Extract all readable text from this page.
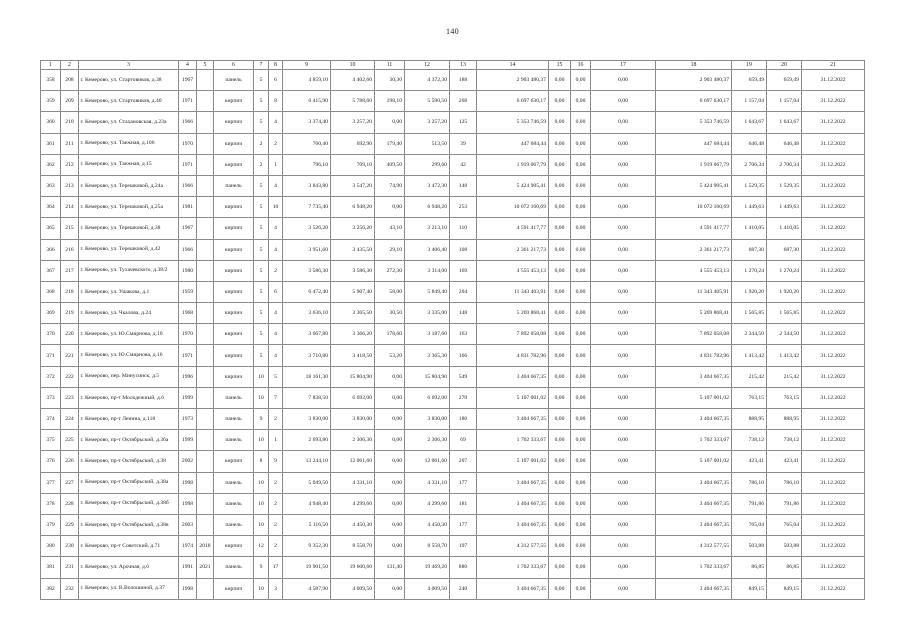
140
1	2	3	4	5	6	7	8	9	10	11	12	13	14	15	16	17	18	19	20	21
358	208	г. Кемерово, ул. Стартовиков, д.38	1967		панель	5	6	4 859,10	4 402,60	30,30	4 372,30	188	2 903 480,37	0,00	0,00	0,00	2 903 480,37	659,49	659,49	31.12.2022
359	209	г. Кемерово, ул. Стартовиков, д.40	1971		кирпич	5	8	6 415,90	5 788,60	198,10	5 590,50	268	6 697 630,17	0,00	0,00	0,00	6 697 630,17	1 157,04	1 157,04	31.12.2022
360	210	г. Кемерово, ул. Стахановская, д.23а	1966		кирпич	5	4	3 374,40	3 257,20	0,00	3 257,20	125	5 353 746,59	0,00	0,00	0,00	5 353 746,59	1 643,67	1 643,67	31.12.2022
361	211	г. Кемерово, ул. Таежная, д.106	1970		кирпич	2	2	760,40	692,90	179,40	513,50	39	447 684,44	0,00	0,00	0,00	447 684,44	646,48	646,48	31.12.2022
362	212	г. Кемерово, ул. Таежная, д.15	1971		кирпич	2	1	796,10	709,10	409,50	299,60	42	1 919 067,79	0,00	0,00	0,00	1 919 067,79	2 706,34	2 706,34	31.12.2022
363	213	г. Кемерово, ул. Терешковой, д.24а	1966		панель	5	4	3 843,80	3 547,20	74,90	3 472,30	148	5 424 905,41	0,00	0,00	0,00	5 424 905,41	1 529,35	1 529,35	31.12.2022
364	214	г. Кемерово, ул. Терешковой, д.25а	1981		кирпич	5	10	7 735,40	6 948,20	0,00	6 948,20	253	10 072 160,69	0,00	0,00	0,00	10 072 160,69	1 449,63	1 449,63	31.12.2022
365	215	г. Кемерово, ул. Терешковой, д.38	1967		кирпич	5	4	3 526,20	3 256,20	43,10	3 213,10	110	4 591 417,77	0,00	0,00	0,00	4 591 417,77	1 410,05	1 410,05	31.12.2022
366	216	г. Кемерово, ул. Терешковой, д.42	1966		кирпич	5	4	3 951,60	3 435,50	29,10	3 406,40	108	2 361 217,73	0,00	0,00	0,00	2 361 217,73	687,30	687,30	31.12.2022
367	217	г. Кемерово, ул. Тухачевского, д.38/2	1980		кирпич	5	2	3 586,30	3 586,30	272,30	3 314,00	169	4 555 453,13	0,00	0,00	0,00	4 555 453,13	1 270,24	1 270,24	31.12.2022
368	218	г. Кемерово, ул. Ушакова, д.1	1959		кирпич	5	6	6 472,40	5 907,40	58,00	5 849,40	204	11 343 403,91	0,00	0,00	0,00	11 343 405,91	1 920,20	1 920,20	31.12.2022
369	219	г. Кемерово, ул. Чкалова, д.24	1968		кирпич	5	4	3 636,10	3 365,50	30,50	3 335,00	148	5 269 868,41	0,00	0,00	0,00	5 269 868,41	1 565,85	1 565,85	31.12.2022
370	220	г. Кемерово, ул. Ю.Смирнова, д.10	1970		кирпич	5	4	3 667,80	3 366,20	178,60	3 187,60	163	7 892 058,08	0,00	0,00	0,00	7 892 058,08	2 344,50	2 344,50	31.12.2022
371	221	г. Кемерово, ул. Ю.Смирнова, д.16	1971		кирпич	5	4	3 710,80	3 418,50	53,20	3 365,30	166	4 831 782,96	0,00	0,00	0,00	4 831 782,96	1 413,42	1 413,42	31.12.2022
372	222	г. Кемерово, пер. Минусинск, д.5	1996		кирпич	10	5	18 161,30	15 804,90	0,00	15 804,90	549	3 404 667,35	0,00	0,00	0,00	3 404 667,35	215,42	215,42	31.12.2022
373	223	г. Кемерово, пр-т Молодежный, д.6	1999		панель	10	7	7 838,50	6 692,00	0,00	6 692,00	270	5 107 001,02	0,00	0,00	0,00	5 107 001,02	763,15	763,15	31.12.2022
374	224	г. Кемерово, пр-т Ленина, д.118	1973		панель	9	2	3 830,00	3 830,00	0,00	3 830,00	180	3 404 667,35	0,00	0,00	0,00	3 404 667,35	888,95	888,95	31.12.2022
375	225	г. Кемерово, пр-т Октябрьский, д.36а	1999		панель	10	1	2 693,80	2 306,30	0,00	2 306,30	69	1 702 333,67	0,00	0,00	0,00	1 702 333,67	738,12	738,12	31.12.2022
376	226	г. Кемерово, пр-т Октябрьский, д.38	2002		кирпич	8	9	13 244,10	12 061,60	0,00	12 061,60	207	5 107 001,02	0,00	0,00	0,00	5 107 001,02	423,41	423,41	31.12.2022
377	227	г. Кемерово, пр-т Октябрьский, д.38а	1998		панель	10	2	5 049,50	4 331,10	0,00	4 331,10	177	3 404 667,35	0,00	0,00	0,00	3 404 667,35	786,10	786,10	31.12.2022
378	228	г. Кемерово, пр-т Октябрьский, д.38б	1998		панель	10	2	4 948,40	4 299,60	0,00	4 299,60	181	3 404 667,35	0,00	0,00	0,00	3 404 667,35	791,86	791,86	31.12.2022
379	229	г. Кемерово, пр-т Октябрьский, д.38в	2003		панель	10	2	5 116,50	4 450,30	0,00	4 450,30	177	3 404 667,35	0,00	0,00	0,00	3 404 667,35	765,04	765,04	31.12.2022
380	230	г. Кемерово, пр-т Советский, д.71	1974	2018	кирпич	12	2	9 352,30	8 558,70	0,00	8 558,70	197	4 312 577,55	0,00	0,00	0,00	4 312 577,55	503,88	503,88	31.12.2022
381	231	г. Кемерово, ул. Арочная, д.6	1991	2021	панель	9	17	19 901,50	19 600,60	131,40	19 469,20	880	1 702 333,67	0,00	0,00	0,00	1 702 333,67	86,85	86,85	31.12.2022
382	232	г. Кемерово, ул. В.Волошиной, д.37	1998		кирпич	10	3	4 587,90	4 009,50	0,00	4 009,50	240	3 404 667,35	0,00	0,00	0,00	3 404 667,35	849,15	849,15	31.12.2022
